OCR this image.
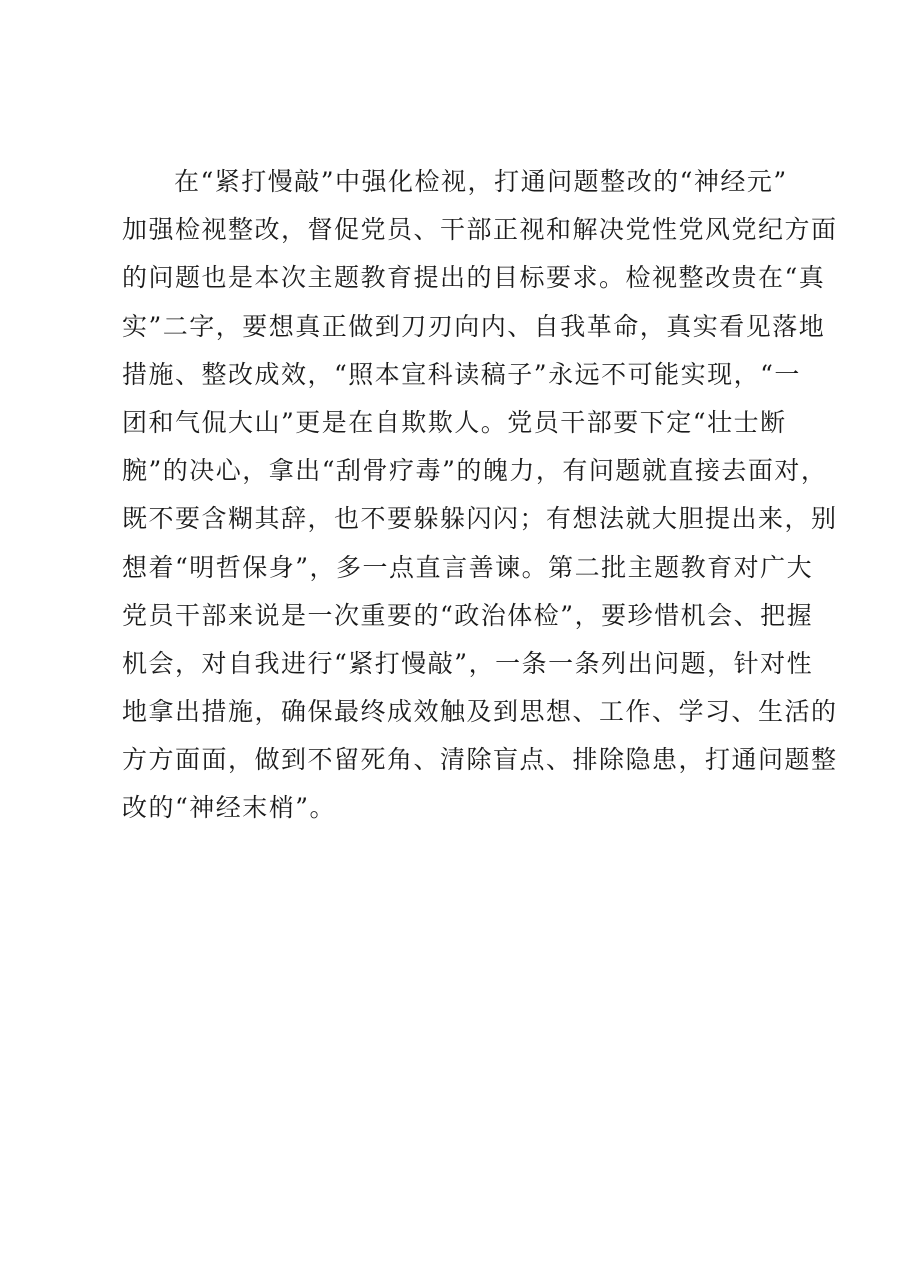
在“紧打慢敲”中强化检视，打通问题整改的“神经元”
加强检视整改，督促党员、干部正视和解决党性党风党纪方面
的问题也是本次主题教育提出的目标要求。检视整改贵在“真
实”二字，要想真正做到刀刃向内、自我革命，真实看见落地
措施、整改成效，“照本宣科读稿子”永远不可能实现，“一
团和气侃大山”更是在自欺欺人。党员干部要下定“壮士断
腕”的决心，拿出“刮骨疗毒”的魄力，有问题就直接去面对，
既不要含糊其辞，也不要躲躲闪闪；有想法就大胆提出来，别
想着“明哲保身”，多一点直言善谏。第二批主题教育对广大
党员干部来说是一次重要的“政治体检”，要珍惜机会、把握
机会，对自我进行“紧打慢敲”，一条一条列出问题，针对性
地拿出措施，确保最终成效触及到思想、工作、学习、生活的
方方面面，做到不留死角、清除盲点、排除隐患，打通问题整
改的“神经末梢”。
